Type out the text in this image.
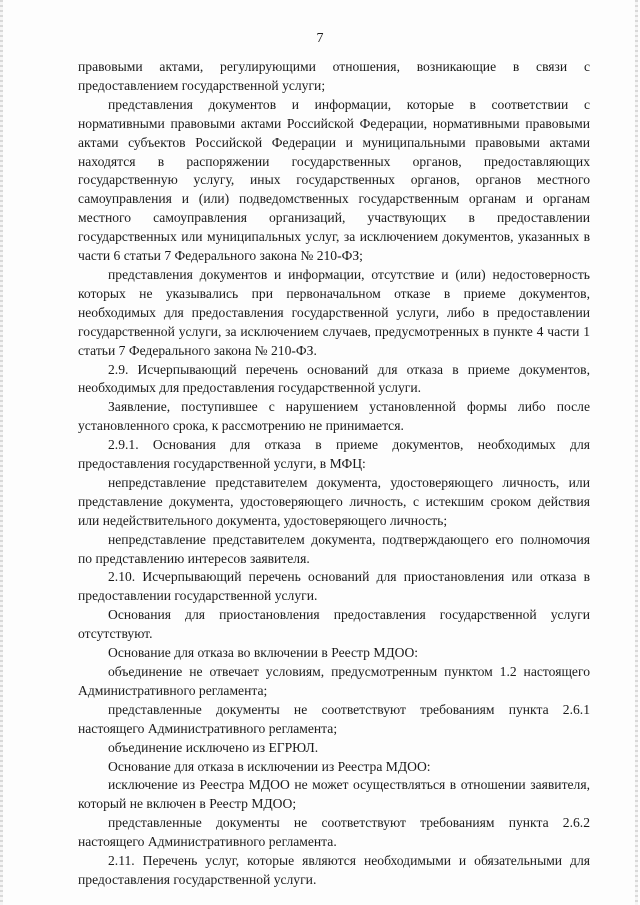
7

правовыми актами, регулирующими отношения, возникающие в связи с предоставлением государственной услуги;

представления документов и информации, которые в соответствии с нормативными правовыми актами Российской Федерации, нормативными правовыми актами субъектов Российской Федерации и муниципальными правовыми актами находятся в распоряжении государственных органов, предоставляющих государственную услугу, иных государственных органов, органов местного самоуправления и (или) подведомственных государственным органам и органам местного самоуправления организаций, участвующих в предоставлении государственных или муниципальных услуг, за исключением документов, указанных в части 6 статьи 7 Федерального закона № 210-ФЗ;

представления документов и информации, отсутствие и (или) недостоверность которых не указывались при первоначальном отказе в приеме документов, необходимых для предоставления государственной услуги, либо в предоставлении государственной услуги, за исключением случаев, предусмотренных в пункте 4 части 1 статьи 7 Федерального закона № 210-ФЗ.

2.9. Исчерпывающий перечень оснований для отказа в приеме документов, необходимых для предоставления государственной услуги.

Заявление, поступившее с нарушением установленной формы либо после установленного срока, к рассмотрению не принимается.

2.9.1. Основания для отказа в приеме документов, необходимых для предоставления государственной услуги, в МФЦ:

непредставление представителем документа, удостоверяющего личность, или представление документа, удостоверяющего личность, с истекшим сроком действия или недействительного документа, удостоверяющего личность;

непредставление представителем документа, подтверждающего его полномочия по представлению интересов заявителя.

2.10. Исчерпывающий перечень оснований для приостановления или отказа в предоставлении государственной услуги.

Основания для приостановления предоставления государственной услуги отсутствуют.

Основание для отказа во включении в Реестр МДОО:

объединение не отвечает условиям, предусмотренным пунктом 1.2 настоящего Административного регламента;

представленные документы не соответствуют требованиям пункта 2.6.1 настоящего Административного регламента;

объединение исключено из ЕГРЮЛ.

Основание для отказа в исключении из Реестра МДОО:

исключение из Реестра МДОО не может осуществляться в отношении заявителя, который не включен в Реестр МДОО;

представленные документы не соответствуют требованиям пункта 2.6.2 настоящего Административного регламента.

2.11. Перечень услуг, которые являются необходимыми и обязательными для предоставления государственной услуги.
